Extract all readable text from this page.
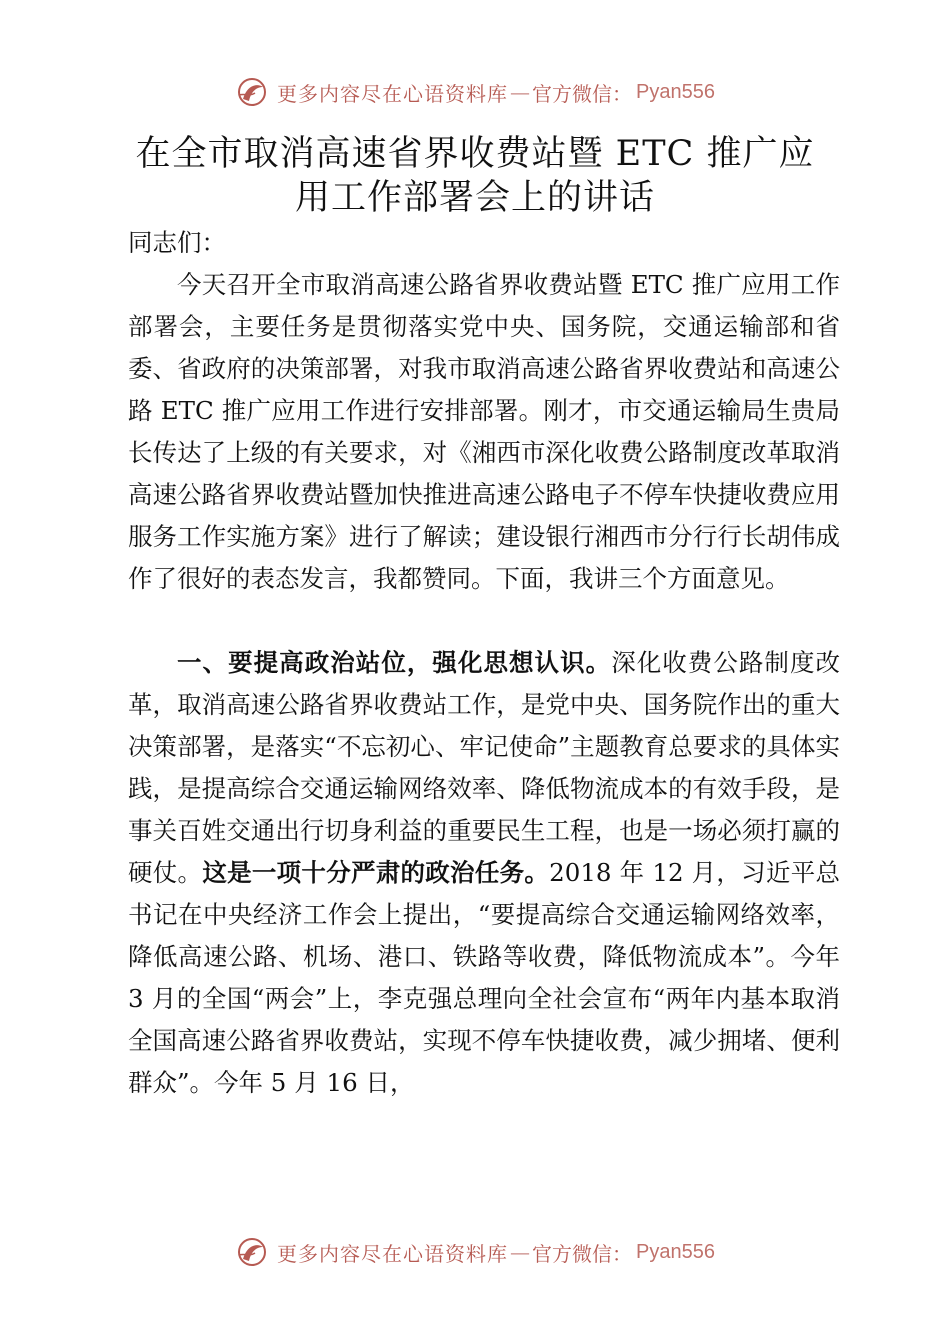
更多内容尽在心语资料库 — 官方微信： Pyan556
在全市取消高速省界收费站暨 ETC 推广应
用工作部署会上的讲话
同志们：
今天召开全市取消高速公路省界收费站暨 ETC 推广应用工作部署会，主要任务是贯彻落实党中央、国务院，交通运输部和省委、省政府的决策部署，对我市取消高速公路省界收费站和高速公路 ETC 推广应用工作进行安排部署。刚才，市交通运输局生贵局长传达了上级的有关要求，对《湘西市深化收费公路制度改革取消高速公路省界收费站暨加快推进高速公路电子不停车快捷收费应用服务工作实施方案》进行了解读；建设银行湘西市分行行长胡伟成作了很好的表态发言，我都赞同。下面，我讲三个方面意见。
一、要提高政治站位，强化思想认识。深化收费公路制度改革，取消高速公路省界收费站工作，是党中央、国务院作出的重大决策部署，是落实“不忘初心、牢记使命”主题教育总要求的具体实践，是提高综合交通运输网络效率、降低物流成本的有效手段，是事关百姓交通出行切身利益的重要民生工程，也是一场必须打赢的硬仗。这是一项十分严肃的政治任务。2018 年 12 月，习近平总书记在中央经济工作会上提出，“要提高综合交通运输网络效率，降低高速公路、机场、港口、铁路等收费，降低物流成本”。今年 3 月的全国“两会”上，李克强总理向全社会宣布“两年内基本取消全国高速公路省界收费站，实现不停车快捷收费，减少拥堵、便利群众”。今年 5 月 16 日，
更多内容尽在心语资料库 — 官方微信： Pyan556
